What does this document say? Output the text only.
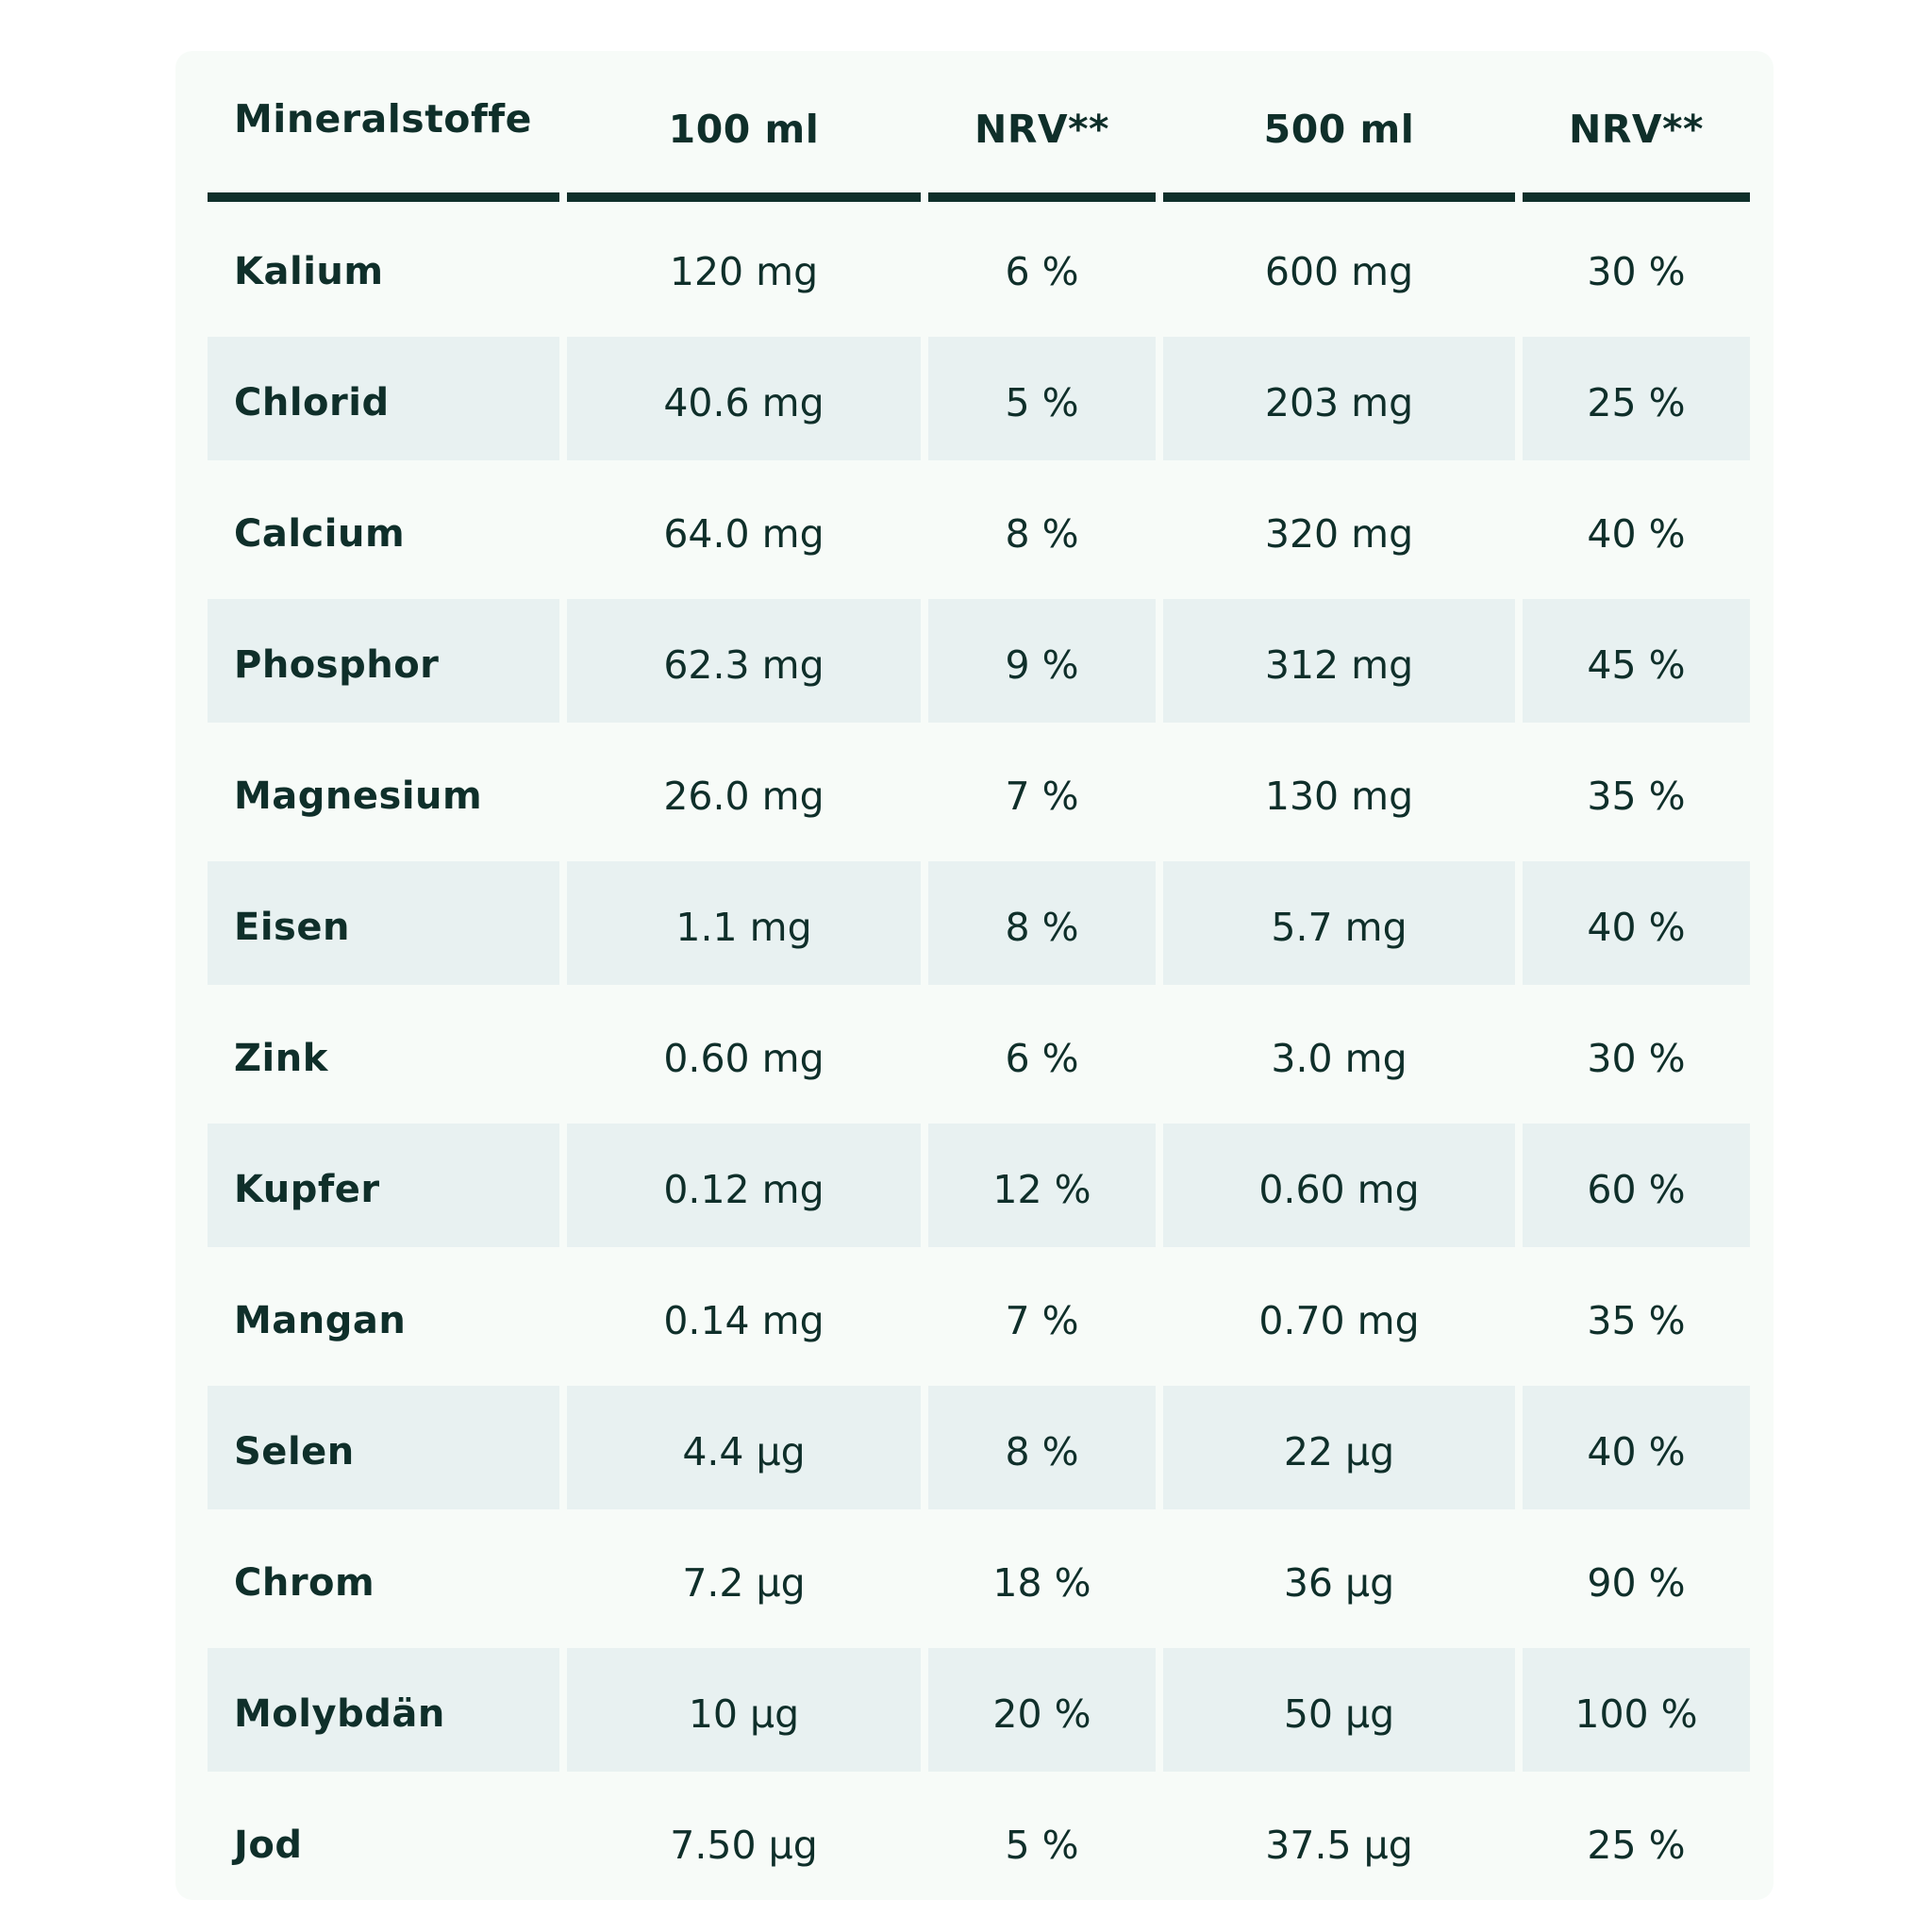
Mineralstoffe	100 ml	NRV**	500 ml	NRV**
Kalium	120 mg	6 %	600 mg	30 %
Chlorid	40.6 mg	5 %	203 mg	25 %
Calcium	64.0 mg	8 %	320 mg	40 %
Phosphor	62.3 mg	9 %	312 mg	45 %
Magnesium	26.0 mg	7 %	130 mg	35 %
Eisen	1.1 mg	8 %	5.7 mg	40 %
Zink	0.60 mg	6 %	3.0 mg	30 %
Kupfer	0.12 mg	12 %	0.60 mg	60 %
Mangan	0.14 mg	7 %	0.70 mg	35 %
Selen	4.4 µg	8 %	22 µg	40 %
Chrom	7.2 µg	18 %	36 µg	90 %
Molybdän	10 µg	20 %	50 µg	100 %
Jod	7.50 µg	5 %	37.5 µg	25 %
